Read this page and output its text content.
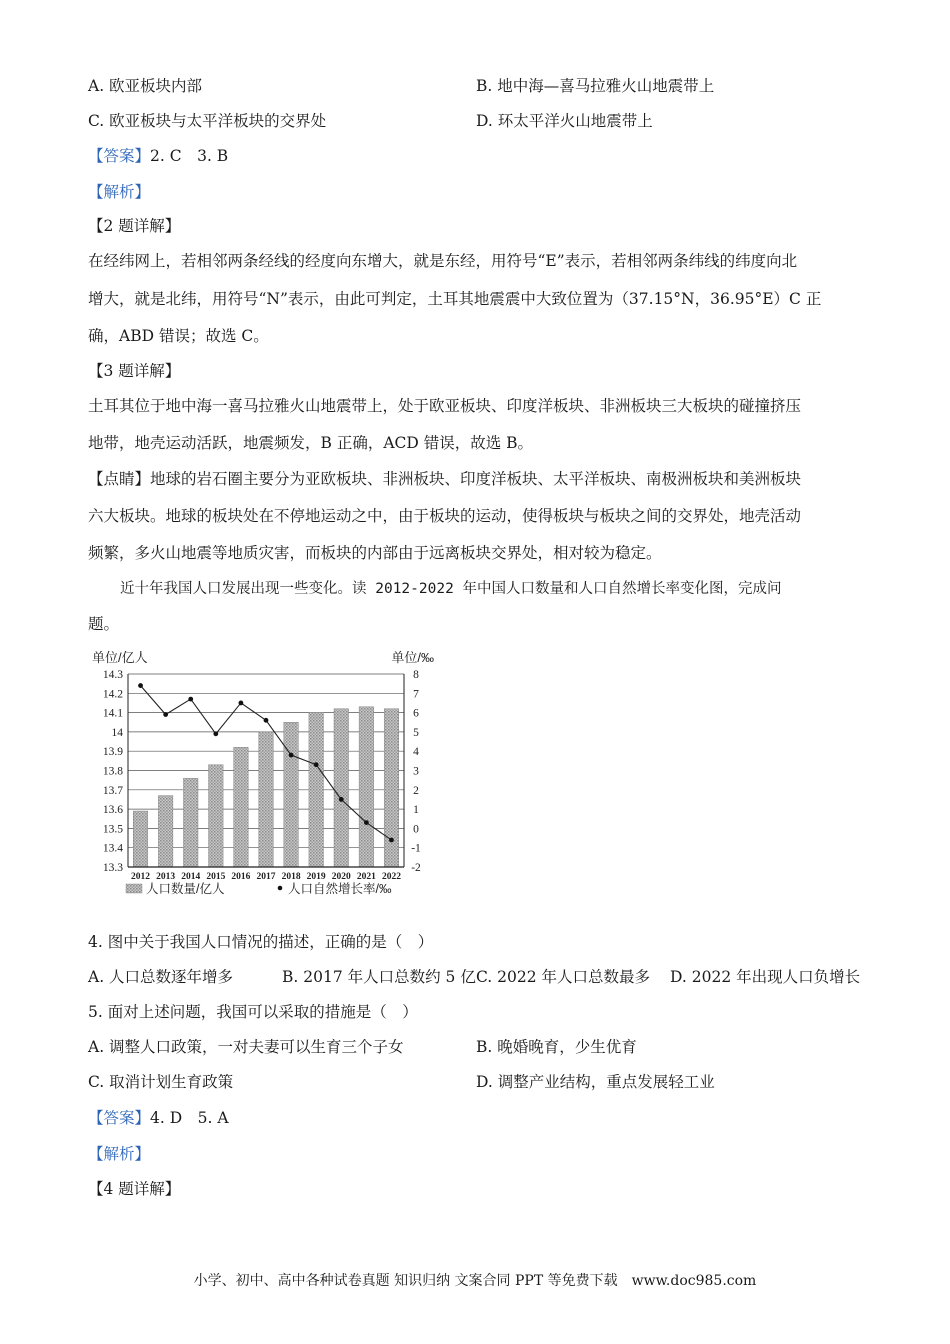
A. 欧亚板块内部	B. 地中海—喜马拉雅火山地震带上
C. 欧亚板块与太平洋板块的交界处	D. 环太平洋火山地震带上
【答案】2. C　3. B
【解析】
【2 题详解】
在经纬网上，若相邻两条经线的经度向东增大，就是东经，用符号“E”表示，若相邻两条纬线的纬度向北
增大，就是北纬，用符号“N”表示，由此可判定，土耳其地震震中大致位置为（37.15°N，36.95°E）C 正
确，ABD 错误；故选 C。
【3 题详解】
土耳其位于地中海一喜马拉雅火山地震带上，处于欧亚板块、印度洋板块、非洲板块三大板块的碰撞挤压
地带，地壳运动活跃，地震频发，B 正确，ACD 错误，故选 B。
【点睛】地球的岩石圈主要分为亚欧板块、非洲板块、印度洋板块、太平洋板块、南极洲板块和美洲板块
六大板块。地球的板块处在不停地运动之中，由于板块的运动，使得板块与板块之间的交界处，地壳活动
频繁，多火山地震等地质灾害，而板块的内部由于远离板块交界处，相对较为稳定。
近十年我国人口发展出现一些变化。读 2012-2022 年中国人口数量和人口自然增长率变化图，完成问
题。
单位/亿人	单位/‰
14.3
14.2
14.1
14
13.9
13.8
13.7
13.6
13.5
13.4
13.3
8
7
6
5
4
3
2
1
0
-1
-2
2012 2013 2014 2015 2016 2017 2018 2019 2020 2021 2022
人口数量/亿人	人口自然增长率/‰
4. 图中关于我国人口情况的描述，正确的是（　）
A. 人口总数逐年增多	B. 2017 年人口总数约 5 亿 C. 2022 年人口总数最多 D. 2022 年出现人口负增长
5. 面对上述问题，我国可以采取的措施是（　）
A. 调整人口政策，一对夫妻可以生育三个子女	B. 晚婚晚育，少生优育
C. 取消计划生育政策	D. 调整产业结构，重点发展轻工业
【答案】4. D　5. A
【解析】
【4 题详解】
小学、初中、高中各种试卷真题 知识归纳 文案合同 PPT 等免费下载　www.doc985.com
